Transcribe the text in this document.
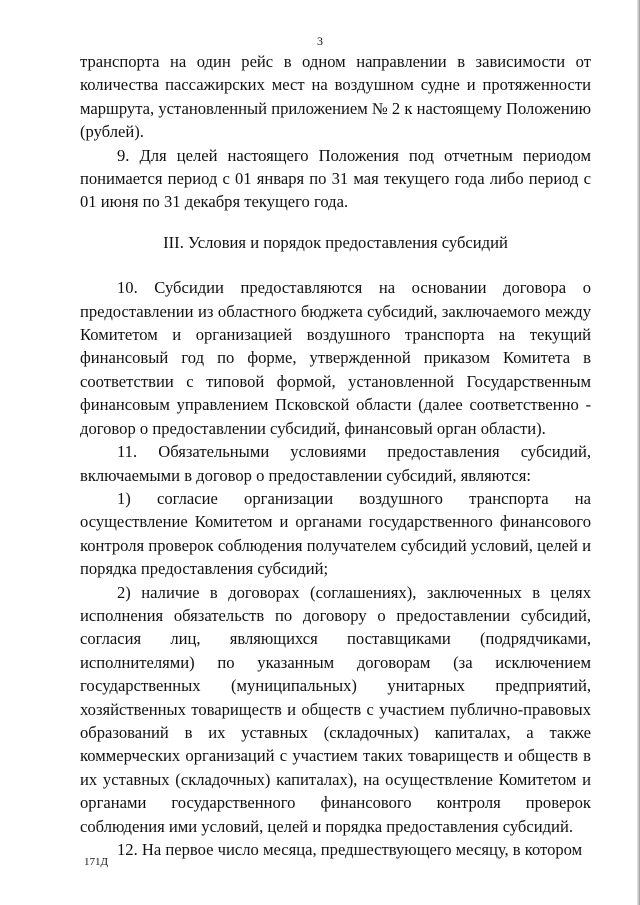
3

транспорта на один рейс в одном направлении в зависимости от количества пассажирских мест на воздушном судне и протяженности маршрута, установленный приложением № 2 к настоящему Положению (рублей).

9. Для целей настоящего Положения под отчетным периодом понимается период с 01 января по 31 мая текущего года либо период с 01 июня по 31 декабря текущего года.

III. Условия и порядок предоставления субсидий

10. Субсидии предоставляются на основании договора о предоставлении из областного бюджета субсидий, заключаемого между Комитетом и организацией воздушного транспорта на текущий финансовый год по форме, утвержденной приказом Комитета в соответствии с типовой формой, установленной Государственным финансовым управлением Псковской области (далее соответственно - договор о предоставлении субсидий, финансовый орган области).

11. Обязательными условиями предоставления субсидий, включаемыми в договор о предоставлении субсидий, являются:

1) согласие организации воздушного транспорта на осуществление Комитетом и органами государственного финансового контроля проверок соблюдения получателем субсидий условий, целей и порядка предоставления субсидий;

2) наличие в договорах (соглашениях), заключенных в целях исполнения обязательств по договору о предоставлении субсидий, согласия лиц, являющихся поставщиками (подрядчиками, исполнителями) по указанным договорам (за исключением государственных (муниципальных) унитарных предприятий, хозяйственных товариществ и обществ с участием публично-правовых образований в их уставных (складочных) капиталах, а также коммерческих организаций с участием таких товариществ и обществ в их уставных (складочных) капиталах), на осуществление Комитетом и органами государственного финансового контроля проверок соблюдения ими условий, целей и порядка предоставления субсидий.

12. На первое число месяца, предшествующего месяцу, в котором

171Д
